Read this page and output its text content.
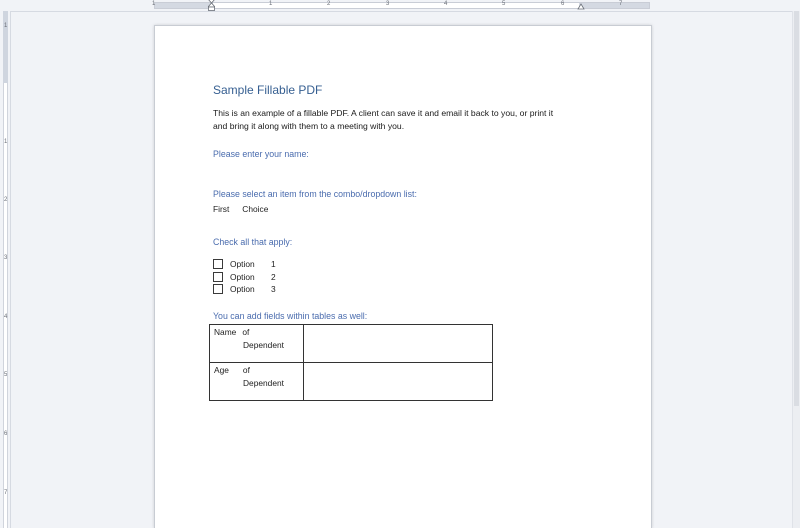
1	1	2	3	4	5	6	7
1
1
2
3
4
5
6
7
Sample Fillable PDF
This is an example of a fillable PDF. A client can save it and email it back to you, or print it
and bring it along with them to a meeting with you.
Please enter your name:
Please select an item from the combo/dropdown list:
First Choice
Check all that apply:
Option	1
Option	2
Option	3
You can add fields within tables as well:
Name of
Dependent	

Age of
Dependent	
